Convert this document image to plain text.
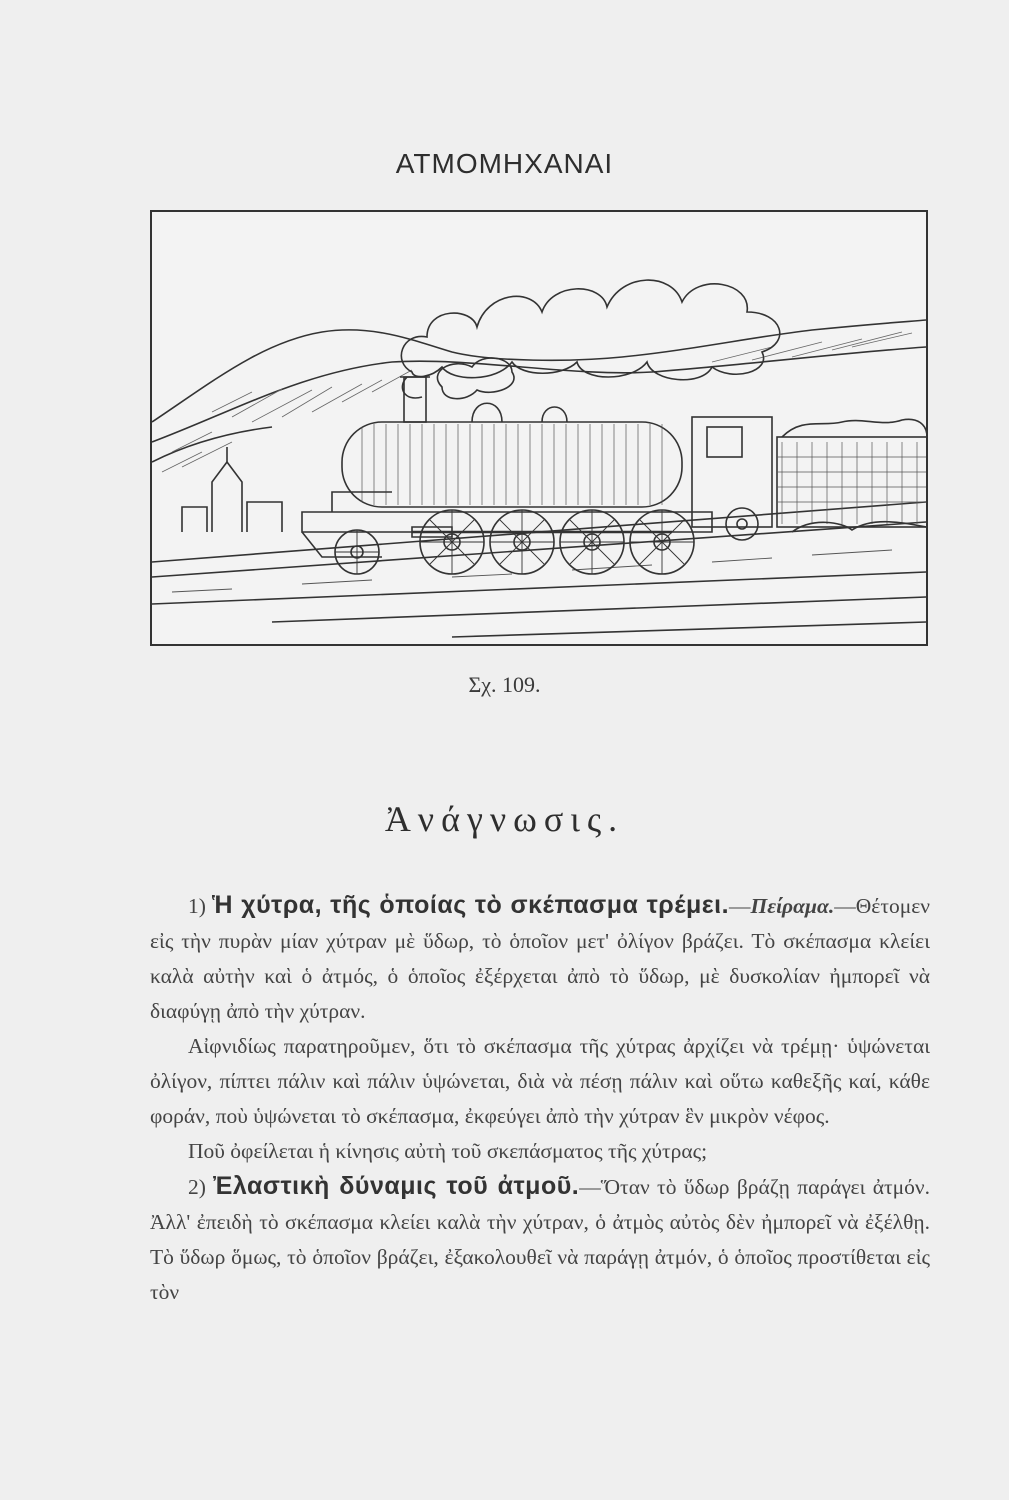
ΑΤΜΟΜΗΧΑΝΑΙ
Σχ. 109.
Ἀνάγνωσις.

1) Ἡ χύτρα, τῆς ὁποίας τὸ σκέπασμα τρέμει.—Πείραμα.—Θέτομεν εἰς τὴν πυρὰν μίαν χύτραν μὲ ὕδωρ, τὸ ὁποῖον μετ' ὀλίγον βράζει. Τὸ σκέπασμα κλείει καλὰ αὐτὴν καὶ ὁ ἀτμός, ὁ ὁποῖος ἐξέρχεται ἀπὸ τὸ ὕδωρ, μὲ δυσκολίαν ἠμπορεῖ νὰ διαφύγῃ ἀπὸ τὴν χύτραν.

Αἰφνιδίως παρατηροῦμεν, ὅτι τὸ σκέπασμα τῆς χύτρας ἀρχίζει νὰ τρέμῃ· ὑψώνεται ὀλίγον, πίπτει πάλιν καὶ πάλιν ὑψώνεται, διὰ νὰ πέσῃ πάλιν καὶ οὕτω καθεξῆς καί, κάθε φοράν, ποὺ ὑψώνεται τὸ σκέπασμα, ἐκφεύγει ἀπὸ τὴν χύτραν ἓν μικρὸν νέφος.

Ποῦ ὀφείλεται ἡ κίνησις αὐτὴ τοῦ σκεπάσματος τῆς χύτρας;

2) Ἐλαστικὴ δύναμις τοῦ ἀτμοῦ.—Ὅταν τὸ ὕδωρ βράζῃ παράγει ἀτμόν. Ἀλλ' ἐπειδὴ τὸ σκέπασμα κλείει καλὰ τὴν χύτραν, ὁ ἀτμὸς αὐτὸς δὲν ἠμπορεῖ νὰ ἐξέλθῃ. Τὸ ὕδωρ ὅμως, τὸ ὁποῖον βράζει, ἐξακολουθεῖ νὰ παράγῃ ἀτμόν, ὁ ὁποῖος προστίθεται εἰς τὸν
